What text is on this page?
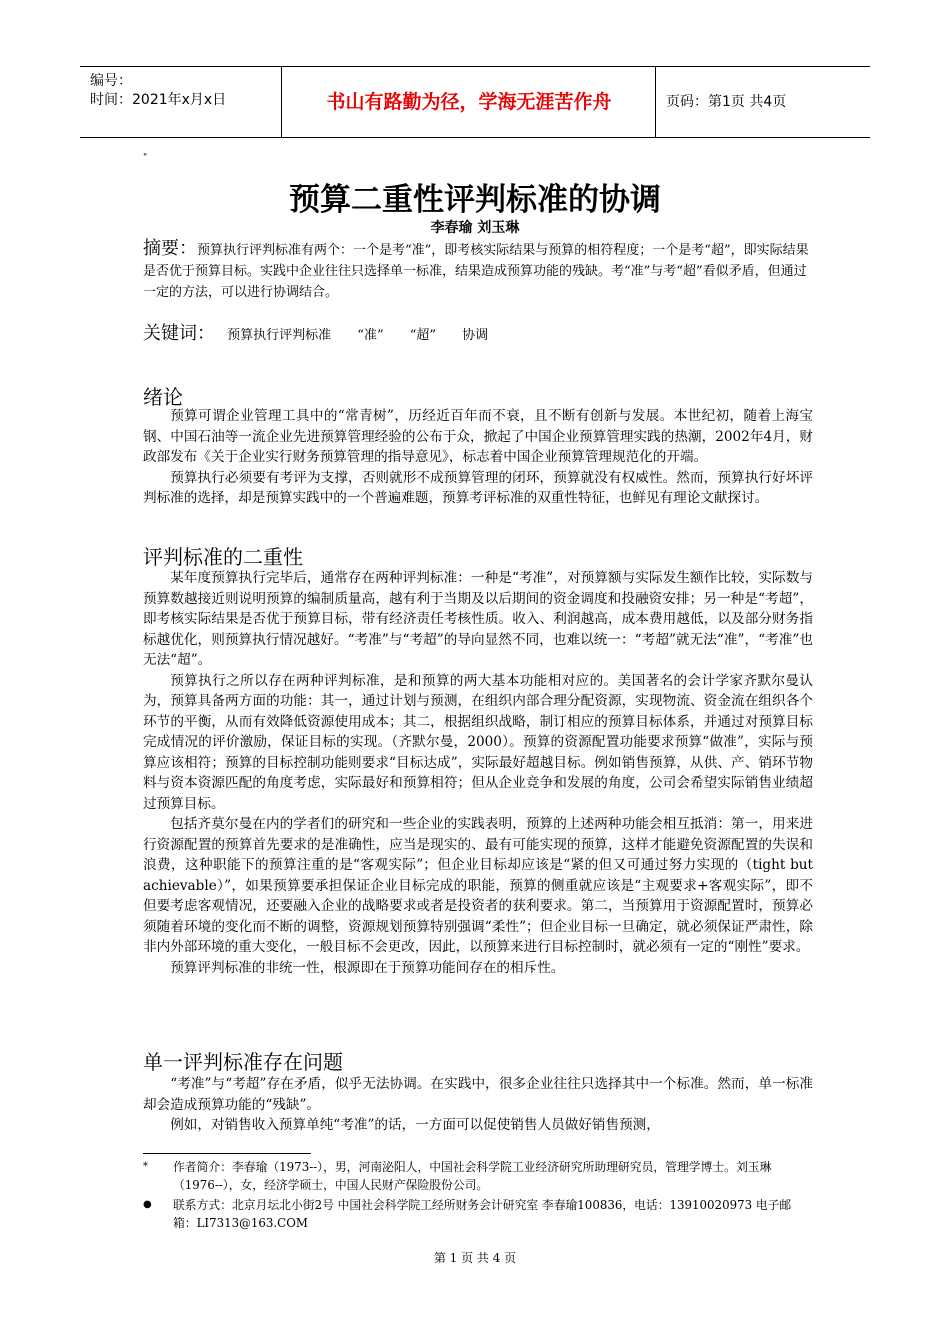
编号：
时间：2021年x月x日	书山有路勤为径，学海无涯苦作舟	页码：第1页 共4页
"
预算二重性评判标准的协调
李春瑜 刘玉琳
摘要：预算执行评判标准有两个：一个是考“准”，即考核实际结果与预算的相符程度；一个是考“超”，即实际结果是否优于预算目标。实践中企业往往只选择单一标准，结果造成预算功能的残缺。考“准”与考“超”看似矛盾，但通过一定的方法，可以进行协调结合。
关键词： 预算执行评判标准 “准” “超” 协调
绪论

预算可谓企业管理工具中的“常青树”，历经近百年而不衰，且不断有创新与发展。本世纪初，随着上海宝钢、中国石油等一流企业先进预算管理经验的公布于众，掀起了中国企业预算管理实践的热潮，2002年4月，财政部发布《关于企业实行财务预算管理的指导意见》，标志着中国企业预算管理规范化的开端。

预算执行必须要有考评为支撑，否则就形不成预算管理的闭环，预算就没有权威性。然而，预算执行好坏评判标准的选择，却是预算实践中的一个普遍难题，预算考评标准的双重性特征，也鲜见有理论文献探讨。

评判标准的二重性

某年度预算执行完毕后，通常存在两种评判标准：一种是“考准”，对预算额与实际发生额作比较，实际数与预算数越接近则说明预算的编制质量高，越有利于当期及以后期间的资金调度和投融资安排；另一种是“考超”，即考核实际结果是否优于预算目标，带有经济责任考核性质。收入、利润越高，成本费用越低，以及部分财务指标越优化，则预算执行情况越好。“考准”与“考超”的导向显然不同，也难以统一：“考超”就无法“准”，“考准”也无法“超”。

预算执行之所以存在两种评判标准，是和预算的两大基本功能相对应的。美国著名的会计学家齐默尔曼认为，预算具备两方面的功能：其一，通过计划与预测，在组织内部合理分配资源，实现物流、资金流在组织各个环节的平衡，从而有效降低资源使用成本；其二，根据组织战略，制订相应的预算目标体系，并通过对预算目标完成情况的评价激励，保证目标的实现。（齐默尔曼，2000）。预算的资源配置功能要求预算“做准”，实际与预算应该相符；预算的目标控制功能则要求“目标达成”，实际最好超越目标。例如销售预算，从供、产、销环节物料与资本资源匹配的角度考虑，实际最好和预算相符；但从企业竞争和发展的角度，公司会希望实际销售业绩超过预算目标。

包括齐莫尔曼在内的学者们的研究和一些企业的实践表明，预算的上述两种功能会相互抵消：第一，用来进行资源配置的预算首先要求的是准确性，应当是现实的、最有可能实现的预算，这样才能避免资源配置的失误和浪费，这种职能下的预算注重的是“客观实际”；但企业目标却应该是“紧的但又可通过努力实现的（tight but achievable）”，如果预算要承担保证企业目标完成的职能，预算的侧重就应该是“主观要求+客观实际”，即不但要考虑客观情况，还要融入企业的战略要求或者是投资者的获利要求。第二，当预算用于资源配置时，预算必须随着环境的变化而不断的调整，资源规划预算特别强调“柔性”；但企业目标一旦确定，就必须保证严肃性，除非内外部环境的重大变化，一般目标不会更改，因此，以预算来进行目标控制时，就必须有一定的“刚性”要求。

预算评判标准的非统一性，根源即在于预算功能间存在的相斥性。

单一评判标准存在问题

“考准”与“考超”存在矛盾，似乎无法协调。在实践中，很多企业往往只选择其中一个标准。然而，单一标准却会造成预算功能的“残缺”。

例如，对销售收入预算单纯“考准”的话，一方面可以促使销售人员做好销售预测，

*	作者简介：李春瑜（1973--），男，河南泌阳人，中国社会科学院工业经济研究所助理研究员，管理学博士。刘玉琳（1976--），女，经济学硕士，中国人民财产保险股份公司。
●	联系方式：北京月坛北小街2号 中国社会科学院工经所财务会计研究室 李春瑜100836，电话：13910020973 电子邮箱：LI7313@163.COM
第 1 页 共 4 页
